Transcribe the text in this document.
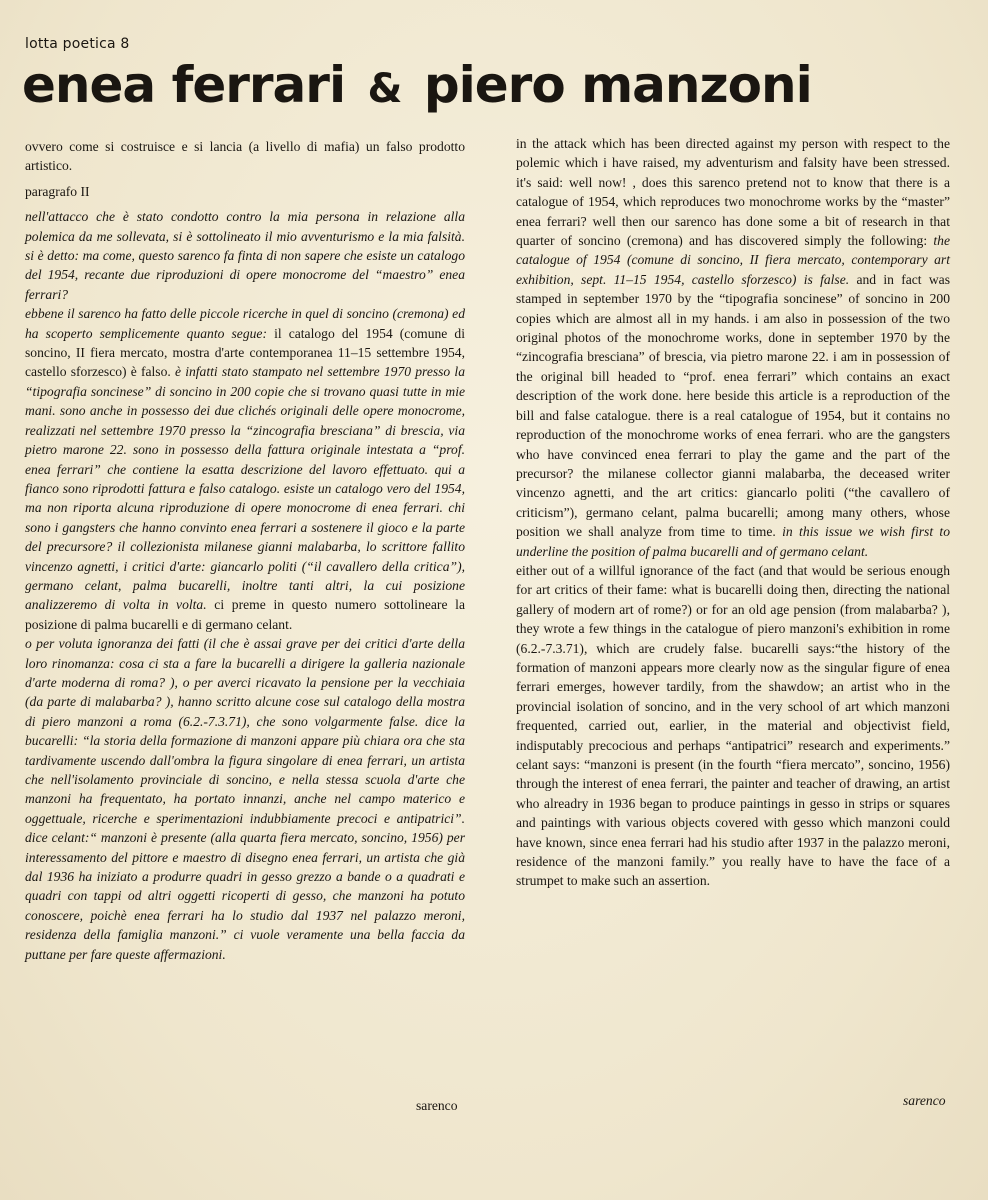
lotta poetica 8
enea ferrari & piero manzoni

ovvero come si costruisce e si lancia (a livello di mafia) un falso prodotto artistico.

paragrafo II

nell'attacco che è stato condotto contro la mia persona in relazione alla polemica da me sollevata, si è sottolineato il mio avventurismo e la mia falsità. si è detto: ma come, questo sarenco fa finta di non sapere che esiste un catalogo del 1954, recante due riproduzioni di opere monocrome del “maestro” enea ferrari?

ebbene il sarenco ha fatto delle piccole ricerche in quel di soncino (cremona) ed ha scoperto semplicemente quanto segue: il catalogo del 1954 (comune di soncino, II fiera mercato, mostra d'arte contemporanea 11–15 settembre 1954, castello sforzesco) è falso. è infatti stato stampato nel settembre 1970 presso la “tipografia soncinese” di soncino in 200 copie che si trovano quasi tutte in mie mani. sono anche in possesso dei due clichés originali delle opere monocrome, realizzati nel settembre 1970 presso la “zincografia bresciana” di brescia, via pietro marone 22. sono in possesso della fattura originale intestata a “prof. enea ferrari” che contiene la esatta descrizione del lavoro effettuato. qui a fianco sono riprodotti fattura e falso catalogo. esiste un catalogo vero del 1954, ma non riporta alcuna riproduzione di opere monocrome di enea ferrari. chi sono i gangsters che hanno convinto enea ferrari a sostenere il gioco e la parte del precursore? il collezionista milanese gianni malabarba, lo scrittore fallito vincenzo agnetti, i critici d'arte: giancarlo politi (“il cavallero della critica”), germano celant, palma bucarelli, inoltre tanti altri, la cui posizione analizzeremo di volta in volta. ci preme in questo numero sottolineare la posizione di palma bucarelli e di germano celant.

o per voluta ignoranza dei fatti (il che è assai grave per dei critici d'arte della loro rinomanza: cosa ci sta a fare la bucarelli a dirigere la galleria nazionale d'arte moderna di roma? ), o per averci ricavato la pensione per la vecchiaia (da parte di malabarba? ), hanno scritto alcune cose sul catalogo della mostra di piero manzoni a roma (6.2.-7.3.71), che sono volgarmente false. dice la bucarelli: “la storia della formazione di manzoni appare più chiara ora che sta tardivamente uscendo dall'ombra la figura singolare di enea ferrari, un artista che nell'isolamento provinciale di soncino, e nella stessa scuola d'arte che manzoni ha frequentato, ha portato innanzi, anche nel campo materico e oggettuale, ricerche e sperimentazioni indubbiamente precoci e antipatrici”. dice celant:“ manzoni è presente (alla quarta fiera mercato, soncino, 1956) per interessamento del pittore e maestro di disegno enea ferrari, un artista che già dal 1936 ha iniziato a produrre quadri in gesso grezzo a bande o a quadrati e quadri con tappi od altri oggetti ricoperti di gesso, che manzoni ha potuto conoscere, poichè enea ferrari ha lo studio dal 1937 nel palazzo meroni, residenza della famiglia manzoni.” ci vuole veramente una bella faccia da puttane per fare queste affermazioni.

sarenco

in the attack which has been directed against my person with respect to the polemic which i have raised, my adventurism and falsity have been stressed. it's said: well now! , does this sarenco pretend not to know that there is a catalogue of 1954, which reproduces two monochrome works by the “master” enea ferrari? well then our sarenco has done some a bit of research in that quarter of soncino (cremona) and has discovered simply the following: the catalogue of 1954 (comune di soncino, II fiera mercato, contemporary art exhibition, sept. 11–15 1954, castello sforzesco) is false. and in fact was stamped in september 1970 by the “tipografia soncinese” of soncino in 200 copies which are almost all in my hands. i am also in possession of the two original photos of the monochrome works, done in september 1970 by the “zincografia bresciana” of brescia, via pietro marone 22. i am in possession of the original bill headed to “prof. enea ferrari” which contains an exact description of the work done. here beside this article is a reproduction of the bill and false catalogue. there is a real catalogue of 1954, but it contains no reproduction of the monochrome works of enea ferrari. who are the gangsters who have convinced enea ferrari to play the game and the part of the precursor? the milanese collector gianni malabarba, the deceased writer vincenzo agnetti, and the art critics: giancarlo politi (“the cavallero of criticism”), germano celant, palma bucarelli; among many others, whose position we shall analyze from time to time. in this issue we wish first to underline the position of palma bucarelli and of germano celant.

either out of a willful ignorance of the fact (and that would be serious enough for art critics of their fame: what is bucarelli doing then, directing the national gallery of modern art of rome?) or for an old age pension (from malabarba? ), they wrote a few things in the catalogue of piero manzoni's exhibition in rome (6.2.-7.3.71), which are crudely false. bucarelli says:“the history of the formation of manzoni appears more clearly now as the singular figure of enea ferrari emerges, however tardily, from the shawdow; an artist who in the provincial isolation of soncino, and in the very school of art which manzoni frequented, carried out, earlier, in the material and objectivist field, indisputably precocious and perhaps “antipatrici” research and experiments.” celant says: “manzoni is present (in the fourth “fiera mercato”, soncino, 1956) through the interest of enea ferrari, the painter and teacher of drawing, an artist who alreadry in 1936 began to produce paintings in gesso in strips or squares and paintings with various objects covered with gesso which manzoni could have known, since enea ferrari had his studio after 1937 in the palazzo meroni, residence of the manzoni family.” you really have to have the face of a strumpet to make such an assertion.

sarenco
